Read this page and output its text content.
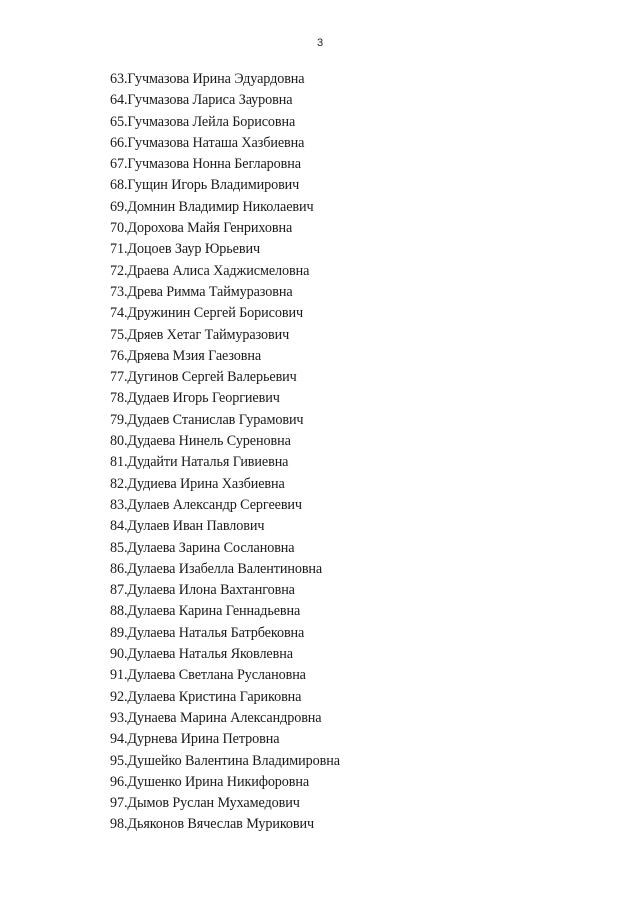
3
63.Гучмазова Ирина Эдуардовна
64.Гучмазова Лариса Зауровна
65.Гучмазова Лейла Борисовна
66.Гучмазова Наташа Хазбиевна
67.Гучмазова Нонна Бегларовна
68.Гущин Игорь Владимирович
69.Домнин Владимир Николаевич
70.Дорохова Майя Генриховна
71.Доцоев Заур Юрьевич
72.Драева Алиса Хаджисмеловна
73.Древа Римма Таймуразовна
74.Дружинин Сергей Борисович
75.Дряев Хетаг Таймуразович
76.Дряева Мзия Гаезовна
77.Дугинов Сергей Валерьевич
78.Дудаев Игорь Георгиевич
79.Дудаев Станислав Гурамович
80.Дудаева Нинель Суреновна
81.Дудайти Наталья Гивиевна
82.Дудиева Ирина Хазбиевна
83.Дулаев Александр Сергеевич
84.Дулаев Иван Павлович
85.Дулаева Зарина Сослановна
86.Дулаева Изабелла Валентиновна
87.Дулаева Илона Вахтанговна
88.Дулаева Карина Геннадьевна
89.Дулаева Наталья Батрбековна
90.Дулаева Наталья Яковлевна
91.Дулаева Светлана Руслановна
92.Дулаева Кристина Гариковна
93.Дунаева Марина Александровна
94.Дурнева Ирина Петровна
95.Душейко Валентина Владимировна
96.Душенко Ирина Никифоровна
97.Дымов Руслан Мухамедович
98.Дьяконов Вячеслав Мурикович
